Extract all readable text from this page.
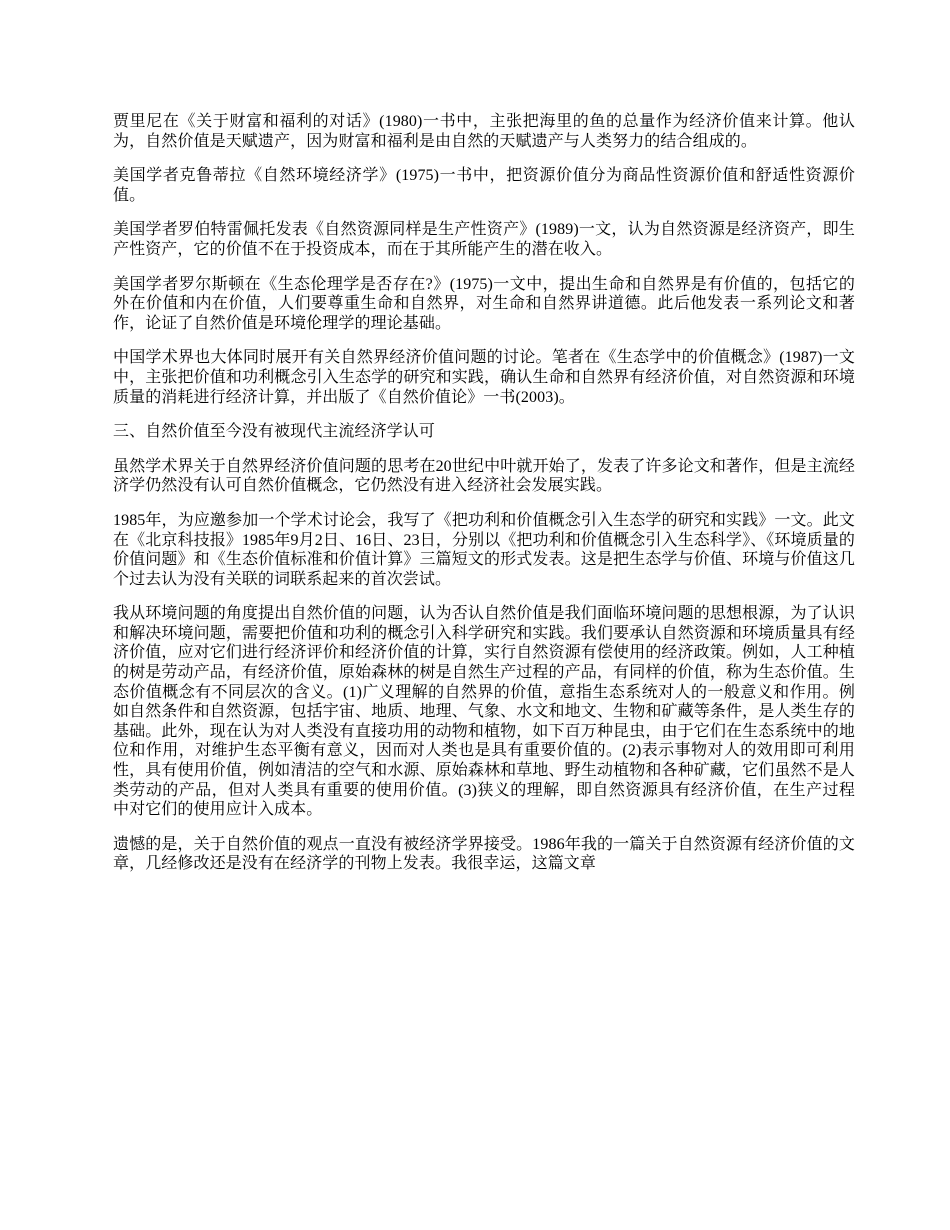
贾里尼在《关于财富和福利的对话》(1980)一书中，主张把海里的鱼的总量作为经济价值来计算。他认为，自然价值是天赋遗产，因为财富和福利是由自然的天赋遗产与人类努力的结合组成的。

美国学者克鲁蒂拉《自然环境经济学》(1975)一书中，把资源价值分为商品性资源价值和舒适性资源价值。

美国学者罗伯特雷佩托发表《自然资源同样是生产性资产》(1989)一文，认为自然资源是经济资产，即生产性资产，它的价值不在于投资成本，而在于其所能产生的潜在收入。

美国学者罗尔斯顿在《生态伦理学是否存在?》(1975)一文中，提出生命和自然界是有价值的，包括它的外在价值和内在价值，人们要尊重生命和自然界，对生命和自然界讲道德。此后他发表一系列论文和著作，论证了自然价值是环境伦理学的理论基础。

中国学术界也大体同时展开有关自然界经济价值问题的讨论。笔者在《生态学中的价值概念》(1987)一文中，主张把价值和功利概念引入生态学的研究和实践，确认生命和自然界有经济价值，对自然资源和环境质量的消耗进行经济计算，并出版了《自然价值论》一书(2003)。

三、自然价值至今没有被现代主流经济学认可

虽然学术界关于自然界经济价值问题的思考在20世纪中叶就开始了，发表了许多论文和著作，但是主流经济学仍然没有认可自然价值概念，它仍然没有进入经济社会发展实践。

1985年，为应邀参加一个学术讨论会，我写了《把功利和价值概念引入生态学的研究和实践》一文。此文在《北京科技报》1985年9月2日、16日、23日，分别以《把功利和价值概念引入生态科学》、《环境质量的价值问题》和《生态价值标准和价值计算》三篇短文的形式发表。这是把生态学与价值、环境与价值这几个过去认为没有关联的词联系起来的首次尝试。

我从环境问题的角度提出自然价值的问题，认为否认自然价值是我们面临环境问题的思想根源，为了认识和解决环境问题，需要把价值和功利的概念引入科学研究和实践。我们要承认自然资源和环境质量具有经济价值，应对它们进行经济评价和经济价值的计算，实行自然资源有偿使用的经济政策。例如，人工种植的树是劳动产品，有经济价值，原始森林的树是自然生产过程的产品，有同样的价值，称为生态价值。生态价值概念有不同层次的含义。(1)广义理解的自然界的价值，意指生态系统对人的一般意义和作用。例如自然条件和自然资源，包括宇宙、地质、地理、气象、水文和地文、生物和矿藏等条件，是人类生存的基础。此外，现在认为对人类没有直接功用的动物和植物，如下百万种昆虫，由于它们在生态系统中的地位和作用，对维护生态平衡有意义，因而对人类也是具有重要价值的。(2)表示事物对人的效用即可利用性，具有使用价值，例如清洁的空气和水源、原始森林和草地、野生动植物和各种矿藏，它们虽然不是人类劳动的产品，但对人类具有重要的使用价值。(3)狭义的理解，即自然资源具有经济价值，在生产过程中对它们的使用应计入成本。

遗憾的是，关于自然价值的观点一直没有被经济学界接受。1986年我的一篇关于自然资源有经济价值的文章，几经修改还是没有在经济学的刊物上发表。我很幸运，这篇文章
